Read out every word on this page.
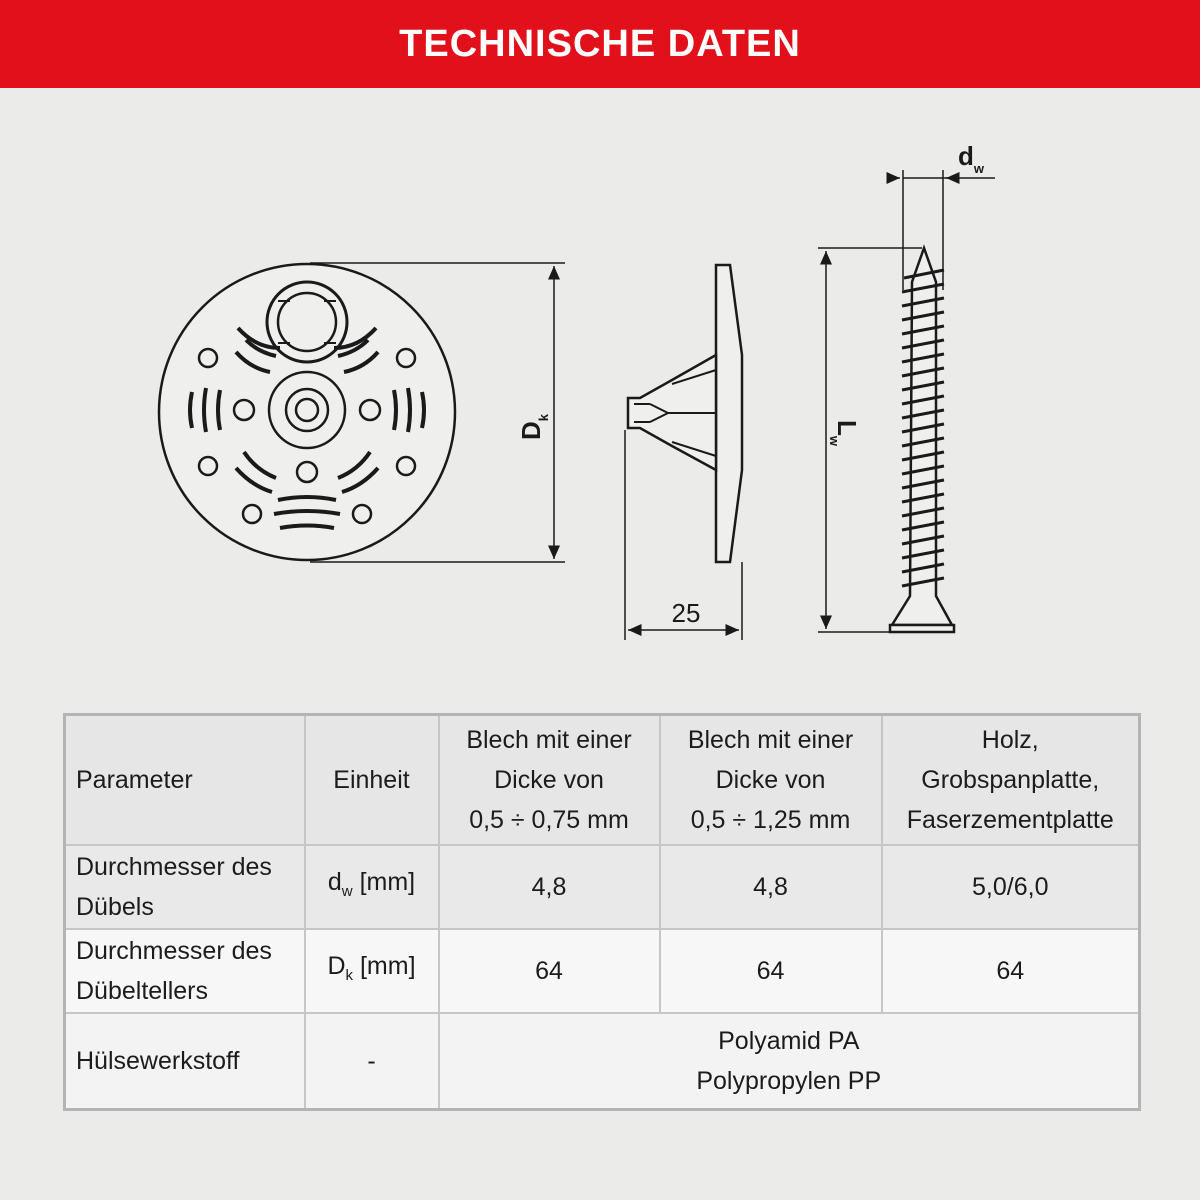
TECHNISCHE DATEN
$D_k$
25
$L_w$
$d_w$
Parameter	Einheit	Blech mit einer
Dicke von
0,5 ÷ 0,75 mm	Blech mit einer
Dicke von
0,5 ÷ 1,25 mm	Holz, Grobspanplatte,
Faserzementplatte

Durchmesser des
Dübels	$d_w$ [mm]	4,8	4,8	5,0/6,0

Durchmesser des
Dübeltellers	$D_k$ [mm]	64	64	64

Hülsewerkstoff	-	Polyamid PA
Polypropylen PP		
